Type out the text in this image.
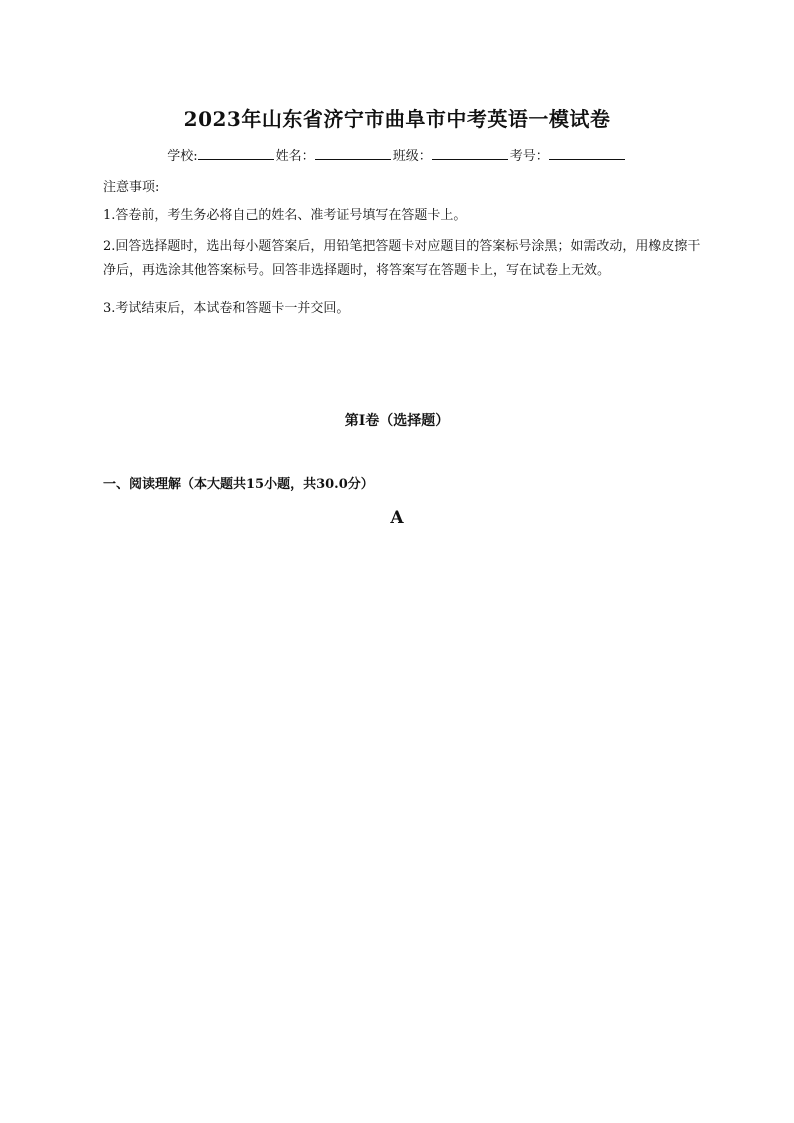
2023年山东省济宁市曲阜市中考英语一模试卷
学校:	姓名：	班级：	考号：
注意事项:
1.答卷前，考生务必将自己的姓名、准考证号填写在答题卡上。
2.回答选择题时，选出每小题答案后，用铅笔把答题卡对应题目的答案标号涂黑；如需改动，用橡皮擦干净后，再选涂其他答案标号。回答非选择题时，将答案写在答题卡上，写在试卷上无效。
3.考试结束后，本试卷和答题卡一并交回。
第I卷（选择题）
一、阅读理解（本大题共15小题，共30.0分）
A
